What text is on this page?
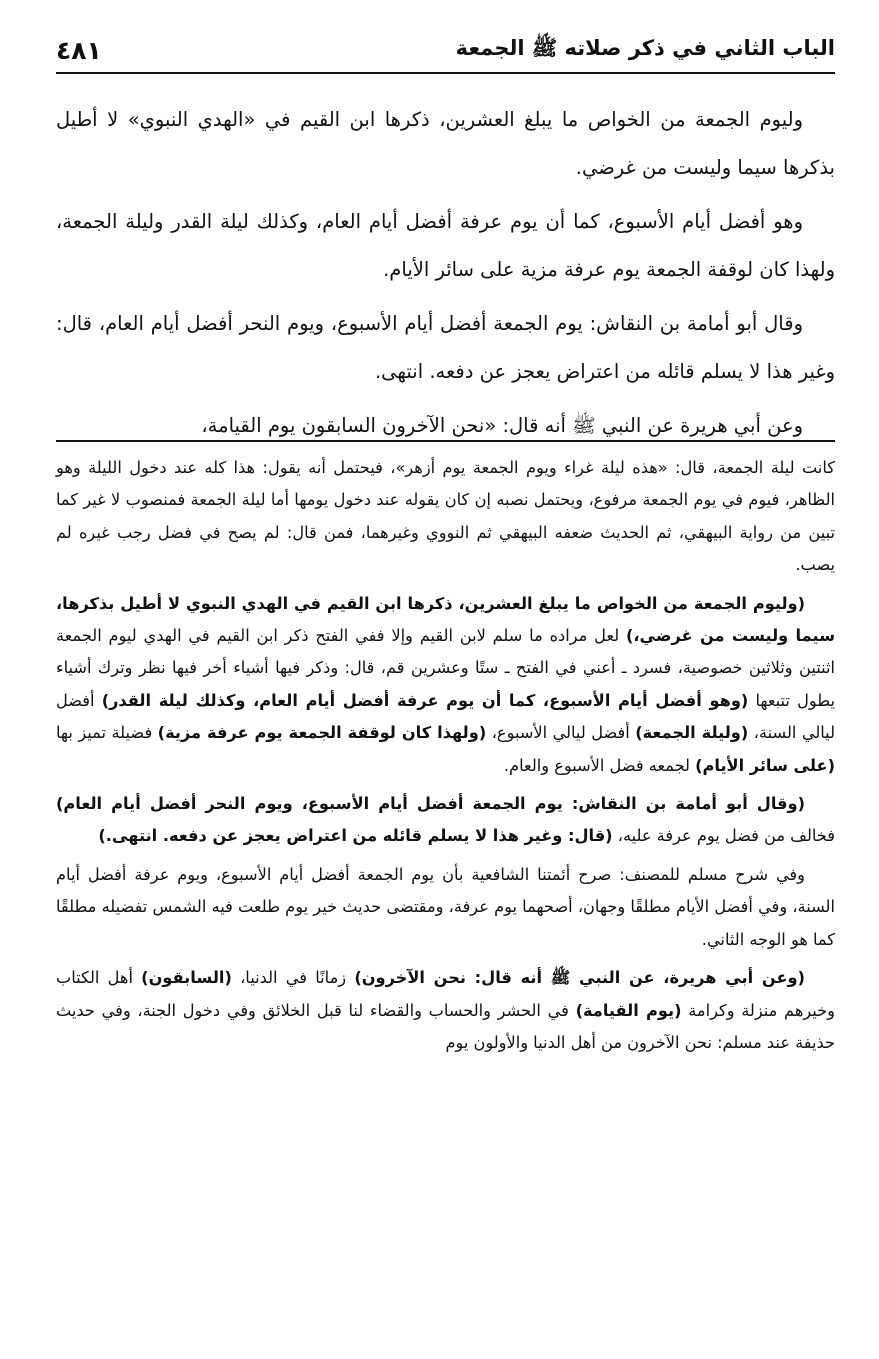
الباب الثاني في ذكر صلاته ﷺ الجمعة
٤٨١

وليوم الجمعة من الخواص ما يبلغ العشرين، ذكرها ابن القيم في «الهدي النبوي» لا أطيل بذكرها سيما وليست من غرضي.

وهو أفضل أيام الأسبوع، كما أن يوم عرفة أفضل أيام العام، وكذلك ليلة القدر وليلة الجمعة، ولهذا كان لوقفة الجمعة يوم عرفة مزية على سائر الأيام.

وقال أبو أمامة بن النقاش: يوم الجمعة أفضل أيام الأسبوع، ويوم النحر أفضل أيام العام، قال: وغير هذا لا يسلم قائله من اعتراض يعجز عن دفعه. انتهى.

وعن أبي هريرة عن النبي ﷺ أنه قال: «نحن الآخرون السابقون يوم القيامة،

كانت ليلة الجمعة، قال: «هذه ليلة غراء ويوم الجمعة يوم أزهر»، فيحتمل أنه يقول: هذا كله عند دخول الليلة وهو الظاهر، فيوم في يوم الجمعة مرفوع، ويحتمل نصبه إن كان يقوله عند دخول يومها أما ليلة الجمعة فمنصوب لا غير كما تبين من رواية البيهقي، ثم الحديث ضعفه البيهقي ثم النووي وغيرهما، فمن قال: لم يصح في فضل رجب غيره لم يصب.

(وليوم الجمعة من الخواص ما يبلغ العشرين، ذكرها ابن القيم في الهدي النبوي لا أطيل بذكرها، سيما وليست من غرضي،) لعل مراده ما سلم لابن القيم وإلا ففي الفتح ذكر ابن القيم في الهدي ليوم الجمعة اثنتين وثلاثين خصوصية، فسرد ـ أعني في الفتح ـ ستًا وعشرين قم، قال: وذكر فيها أشياء أخر فيها نظر وترك أشياء يطول تتبعها (وهو أفضل أيام الأسبوع، كما أن يوم عرفة أفضل أيام العام، وكذلك ليلة القدر) أفضل ليالي السنة، (وليلة الجمعة) أفضل ليالي الأسبوع، (ولهذا كان لوقفة الجمعة يوم عرفة مزية) فضيلة تميز بها (على سائر الأيام) لجمعه فضل الأسبوع والعام.

(وقال أبو أمامة بن النقاش: يوم الجمعة أفضل أيام الأسبوع، ويوم النحر أفضل أيام العام) فخالف من فضل يوم عرفة عليه، (قال: وغير هذا لا يسلم قائله من اعتراض يعجز عن دفعه. انتهى.)

وفي شرح مسلم للمصنف: صرح أئمتنا الشافعية بأن يوم الجمعة أفضل أيام الأسبوع، ويوم عرفة أفضل أيام السنة، وفي أفضل الأيام مطلقًا وجهان، أصحهما يوم عرفة، ومقتضى حديث خير يوم طلعت فيه الشمس تفضيله مطلقًا كما هو الوجه الثاني.

(وعن أبي هريرة، عن النبي ﷺ أنه قال: نحن الآخرون) زمانًا في الدنيا، (السابقون) أهل الكتاب وخيرهم منزلة وكرامة (يوم القيامة) في الحشر والحساب والقضاء لنا قبل الخلائق وفي دخول الجنة، وفي حديث حذيفة عند مسلم: نحن الآخرون من أهل الدنيا والأولون يوم
